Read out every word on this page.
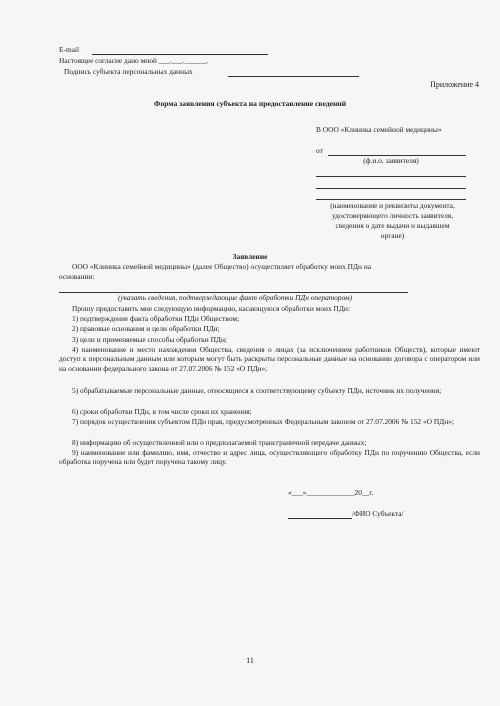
E-mail
Настоящее согласие дано мной ___.___.______.
Подпись субъекта персональных данных
Приложение 4
Форма заявления субъекта на предоставление сведений
В ООО «Клиника семейной медицины»
от
(ф.и.о. заявителя)
(наименование и реквизиты документа,
удостоверяющего личность заявителя,
сведения о дате выдачи и выдавшем
органе)
Заявление
ООО «Клиника семейной медицины» (далее Общество) осуществляет обработку моих ПДн на
основании:
(указать сведения, подтверждающие факт обработки ПДн оператором)
Прошу предоставить мне следующую информацию, касающуюся обработки моих ПДн:
1) подтверждение факта обработки ПДн Обществом;
2) правовые основания и цели обработки ПДн;
3) цели и применяемые способы обработки ПДн;
4) наименование и место нахождения Общества, сведения о лицах (за исключением работников Обществ), которые имеют доступ к персональным данным или которым могут быть раскрыты персональные данные на основании договора с оператором или на основании федерального закона от 27.07.2006 № 152 «О ПДн»;
5) обрабатываемые персональные данные, относящиеся к соответствующему субъекту ПДн, источник их получения;
6) сроки обработки ПДн, в том числе сроки их хранения;
7) порядок осуществления субъектом ПДн прав, предусмотренных Федеральным законом от 27.07.2006 № 152 «О ПДн»;
8) информацию об осуществленной или о предполагаемой трансграничной передаче данных;
9) наименование или фамилию, имя, отчество и адрес лица, осуществляющего обработку ПДн по поручению Общества, если обработка поручена или будет поручена такому лицу.
«___»_____________20__г.
/ФИО Субъекта/
11
